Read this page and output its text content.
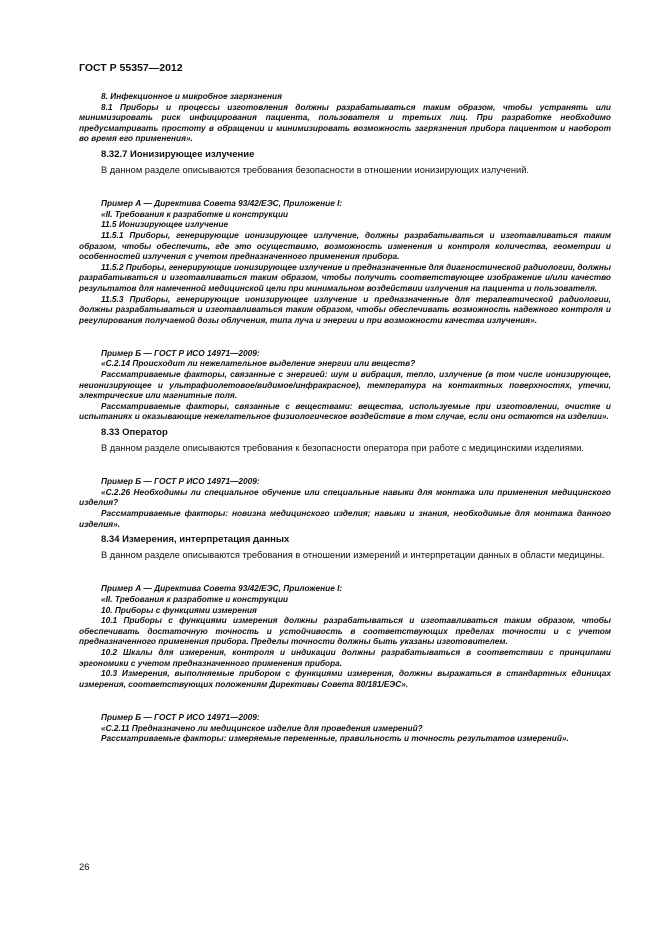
ГОСТ Р 55357—2012

8. Инфекционное и микробное загрязнения

8.1 Приборы и процессы изготовления должны разрабатываться таким образом, чтобы устранять или минимизировать риск инфицирования пациента, пользователя и третьих лиц. При разработке необходимо предусматривать простоту в обращении и минимизировать возможность загрязнения прибора пациентом и наоборот во время его применения».

8.32.7 Ионизирующее излучение

В данном разделе описываются требования безопасности в отношении ионизирующих излучений.

Пример А — Директива Совета 93/42/ЕЭС, Приложение I:

«II. Требования к разработке и конструкции

11.5 Ионизирующее излучение

11.5.1 Приборы, генерирующие ионизирующее излучение, должны разрабатываться и изготавливаться таким образом, чтобы обеспечить, где это осуществимо, возможность изменения и контроля количества, геометрии и особенностей излучения с учетом предназначенного применения прибора.

11.5.2 Приборы, генерирующие ионизирующее излучение и предназначенные для диагностической радиологии, должны разрабатываться и изготавливаться таким образом, чтобы получить соответствующее изображение и/или качество результатов для намеченной медицинской цели при минимальном воздействии излучения на пациента и пользователя.

11.5.3 Приборы, генерирующие ионизирующее излучение и предназначенные для терапевтической радиологии, должны разрабатываться и изготавливаться таким образом, чтобы обеспечивать возможность надежного контроля и регулирования получаемой дозы облучения, типа луча и энергии и при возможности качества излучения».

Пример Б — ГОСТ Р ИСО 14971—2009:

«С.2.14 Происходит ли нежелательное выделение энергии или веществ?

Рассматриваемые факторы, связанные с энергией: шум и вибрация, тепло, излучение (в том числе ионизирующее, неионизирующее и ультрафиолетовое/видимое/инфракрасное), температура на контактных поверхностях, утечки, электрические или магнитные поля.

Рассматриваемые факторы, связанные с веществами: вещества, используемые при изготовлении, очистке и испытаниях и оказывающие нежелательное физиологическое воздействие в том случае, если они остаются на изделии».

8.33 Оператор

В данном разделе описываются требования к безопасности оператора при работе с медицинскими изделиями.

Пример Б — ГОСТ Р ИСО 14971—2009:

«С.2.26 Необходимы ли специальное обучение или специальные навыки для монтажа или применения медицинского изделия?

Рассматриваемые факторы: новизна медицинского изделия; навыки и знания, необходимые для монтажа данного изделия».

8.34 Измерения, интерпретация данных

В данном разделе описываются требования в отношении измерений и интерпретации данных в области медицины.

Пример А — Директива Совета 93/42/ЕЭС, Приложение I:

«II. Требования к разработке и конструкции

10. Приборы с функциями измерения

10.1 Приборы с функциями измерения должны разрабатываться и изготавливаться таким образом, чтобы обеспечивать достаточную точность и устойчивость в соответствующих пределах точности и с учетом предназначенного применения прибора. Пределы точности должны быть указаны изготовителем.

10.2 Шкалы для измерения, контроля и индикации должны разрабатываться в соответствии с принципами эргономики с учетом предназначенного применения прибора.

10.3 Измерения, выполняемые прибором с функциями измерения, должны выражаться в стандартных единицах измерения, соответствующих положениям Директивы Совета 80/181/ЕЭС».

Пример Б — ГОСТ Р ИСО 14971—2009:

«С.2.11 Предназначено ли медицинское изделие для проведения измерений?

Рассматриваемые факторы: измеряемые переменные, правильность и точность результатов измерений».

26
